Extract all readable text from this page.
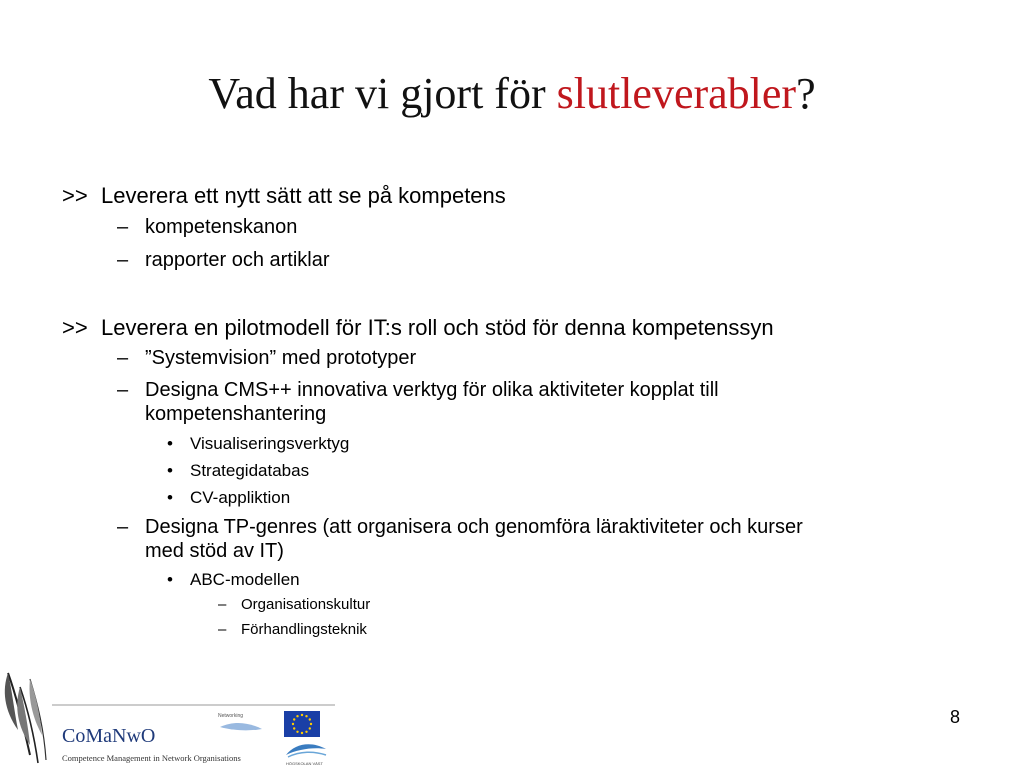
Vad har vi gjort för slutleverabler?
>> Leverera ett nytt sätt att se på kompetens
– kompetenskanon
– rapporter och artiklar
>> Leverera en pilotmodell för IT:s roll och stöd för denna kompetenssyn
– ”Systemvision” med prototyper
– Designa CMS++ innovativa verktyg för olika aktiviteter kopplat till
kompetenshantering
• Visualiseringsverktyg
• Strategidatabas
• CV-appliktion
– Designa TP-genres (att organisera och genomföra läraktiviteter och kurser
med stöd av IT)
• ABC-modellen
– Organisationskultur
– Förhandlingsteknik
CoMaNwO
Competence Management in Network Organisations
Networking
HÖGSKOLAN VÄST
8
